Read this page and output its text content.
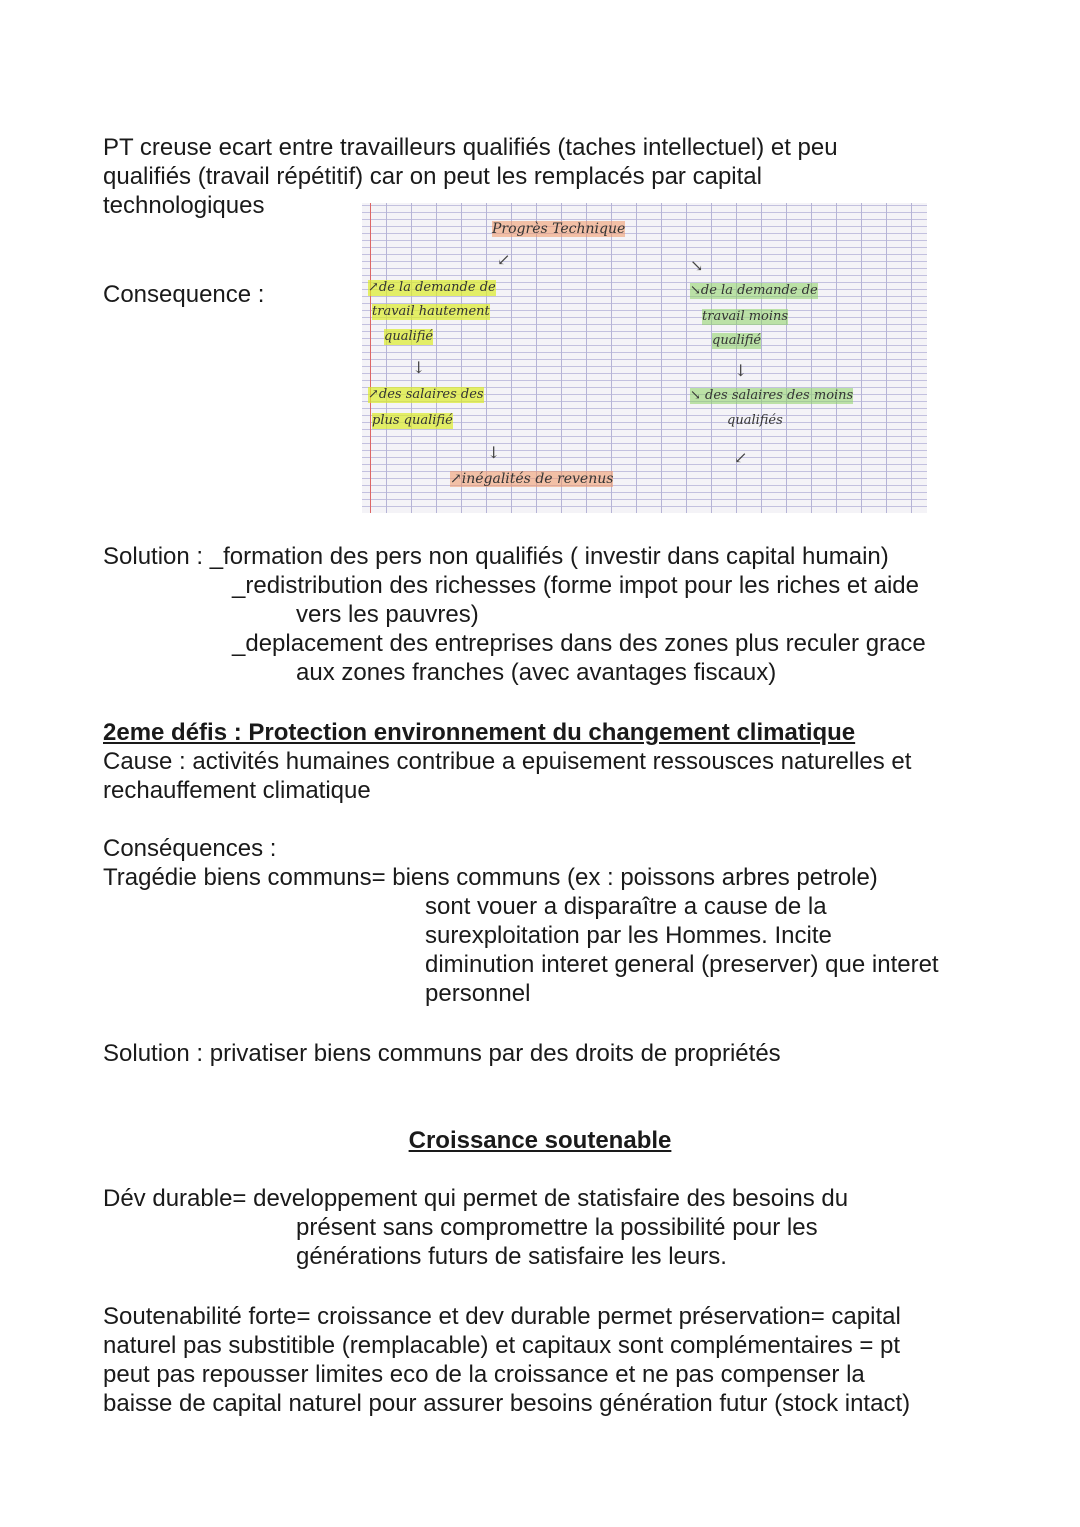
PT creuse ecart entre travailleurs qualifiés (taches intellectuel) et peu
qualifiés (travail répétitif) car on peut les remplacés par capital
technologiques
Consequence :
Progrès Technique
↙	↘
↗de la demande de
travail hautement
qualifié
↓
↗des salaires des
plus qualifié
↓
↘de la demande de
travail moins
qualifié
↓
↘ des salaires des moins
qualifiés
↙
↗inégalités de revenus
Solution : _formation des pers non qualifiés ( investir dans capital humain)
_redistribution des richesses (forme impot pour les riches et aide
vers les pauvres)
_deplacement des entreprises dans des zones plus reculer grace
aux zones franches (avec avantages fiscaux)
2eme défis : Protection environnement du changement climatique
Cause : activités humaines contribue a epuisement ressousces naturelles et
rechauffement climatique
Conséquences :
Tragédie biens communs= biens communs (ex : poissons arbres petrole)
sont vouer a disparaître a cause de la
surexploitation par les Hommes. Incite
diminution interet general (preserver) que interet
personnel
Solution : privatiser biens communs par des droits de propriétés
Croissance soutenable
Dév durable= developpement qui permet de statisfaire des besoins du
présent sans compromettre la possibilité pour les
générations futurs de satisfaire les leurs.
Soutenabilité forte= croissance et dev durable permet préservation= capital
naturel pas substitible (remplacable) et capitaux sont complémentaires = pt
peut pas repousser limites eco de la croissance et ne pas compenser la
baisse de capital naturel pour assurer besoins génération futur (stock intact)
